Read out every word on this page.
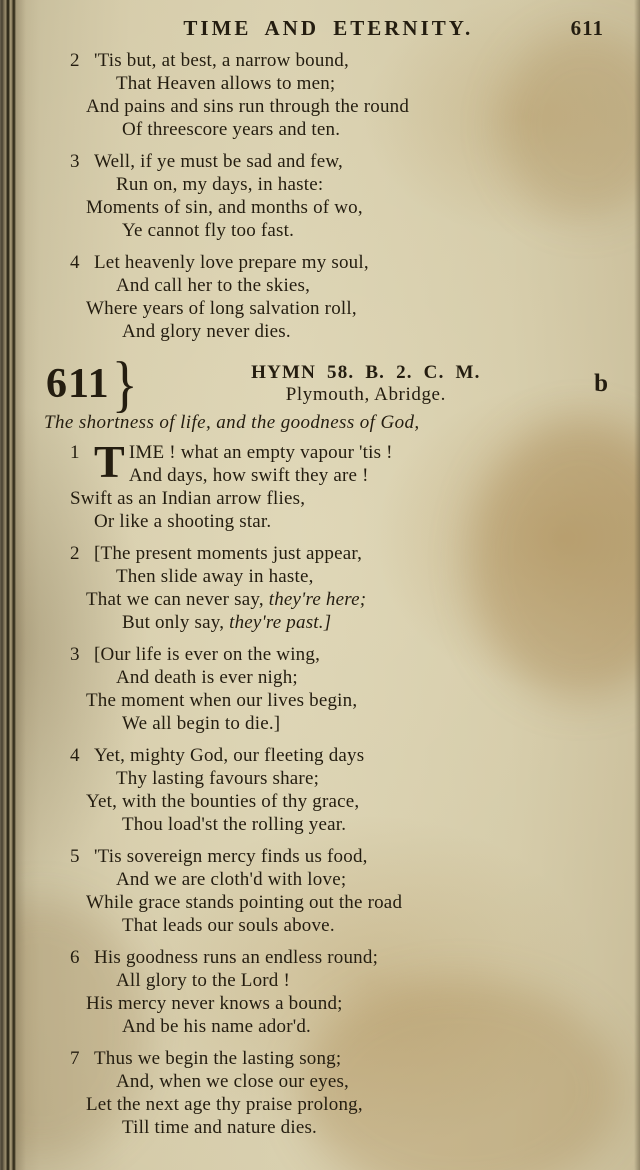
TIME AND ETERNITY.	611
2 'Tis but, at best, a narrow bound,
That Heaven allows to men;
And pains and sins run through the round
Of threescore years and ten.
3 Well, if ye must be sad and few,
Run on, my days, in haste:
Moments of sin, and months of wo,
Ye cannot fly too fast.
4 Let heavenly love prepare my soul,
And call her to the skies,
Where years of long salvation roll,
And glory never dies.
611 }	HYMN 58. B. 2. C. M.
Plymouth, Abridge.	b
The shortness of life, and the goodness of God,
1 T IME ! what an empty vapour 'tis !
And days, how swift they are !
Swift as an Indian arrow flies,
Or like a shooting star.
2 [The present moments just appear,
Then slide away in haste,
That we can never say, they're here;
But only say, they're past.]
3 [Our life is ever on the wing,
And death is ever nigh;
The moment when our lives begin,
We all begin to die.]
4 Yet, mighty God, our fleeting days
Thy lasting favours share;
Yet, with the bounties of thy grace,
Thou load'st the rolling year.
5 'Tis sovereign mercy finds us food,
And we are cloth'd with love;
While grace stands pointing out the road
That leads our souls above.
6 His goodness runs an endless round;
All glory to the Lord !
His mercy never knows a bound;
And be his name ador'd.
7 Thus we begin the lasting song;
And, when we close our eyes,
Let the next age thy praise prolong,
Till time and nature dies.
